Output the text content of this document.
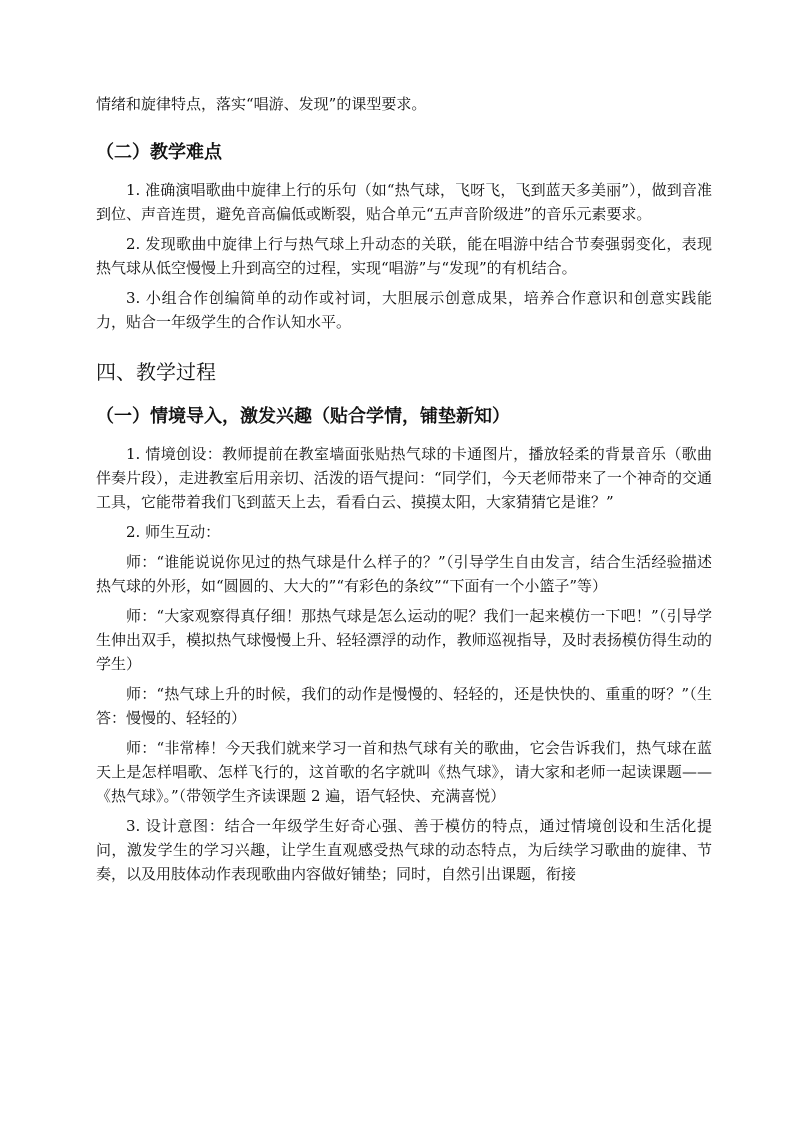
情绪和旋律特点，落实“唱游、发现”的课型要求。

（二）教学难点

1. 准确演唱歌曲中旋律上行的乐句（如“热气球，飞呀飞，飞到蓝天多美丽”），做到音准到位、声音连贯，避免音高偏低或断裂，贴合单元“五声音阶级进”的音乐元素要求。

2. 发现歌曲中旋律上行与热气球上升动态的关联，能在唱游中结合节奏强弱变化，表现热气球从低空慢慢上升到高空的过程，实现“唱游”与“发现”的有机结合。

3. 小组合作创编简单的动作或衬词，大胆展示创意成果，培养合作意识和创意实践能力，贴合一年级学生的合作认知水平。

四、教学过程
（一）情境导入，激发兴趣（贴合学情，铺垫新知）

1. 情境创设：教师提前在教室墙面张贴热气球的卡通图片，播放轻柔的背景音乐（歌曲伴奏片段），走进教室后用亲切、活泼的语气提问：“同学们，今天老师带来了一个神奇的交通工具，它能带着我们飞到蓝天上去，看看白云、摸摸太阳，大家猜猜它是谁？”

2. 师生互动：

师：“谁能说说你见过的热气球是什么样子的？”（引导学生自由发言，结合生活经验描述热气球的外形，如“圆圆的、大大的”“有彩色的条纹”“下面有一个小篮子”等）

师：“大家观察得真仔细！那热气球是怎么运动的呢？我们一起来模仿一下吧！”（引导学生伸出双手，模拟热气球慢慢上升、轻轻漂浮的动作，教师巡视指导，及时表扬模仿得生动的学生）

师：“热气球上升的时候，我们的动作是慢慢的、轻轻的，还是快快的、重重的呀？”（生答：慢慢的、轻轻的）

师：“非常棒！今天我们就来学习一首和热气球有关的歌曲，它会告诉我们，热气球在蓝天上是怎样唱歌、怎样飞行的，这首歌的名字就叫《热气球》，请大家和老师一起读课题——《热气球》。”（带领学生齐读课题 2 遍，语气轻快、充满喜悦）

3. 设计意图：结合一年级学生好奇心强、善于模仿的特点，通过情境创设和生活化提问，激发学生的学习兴趣，让学生直观感受热气球的动态特点，为后续学习歌曲的旋律、节奏，以及用肢体动作表现歌曲内容做好铺垫；同时，自然引出课题，衔接
